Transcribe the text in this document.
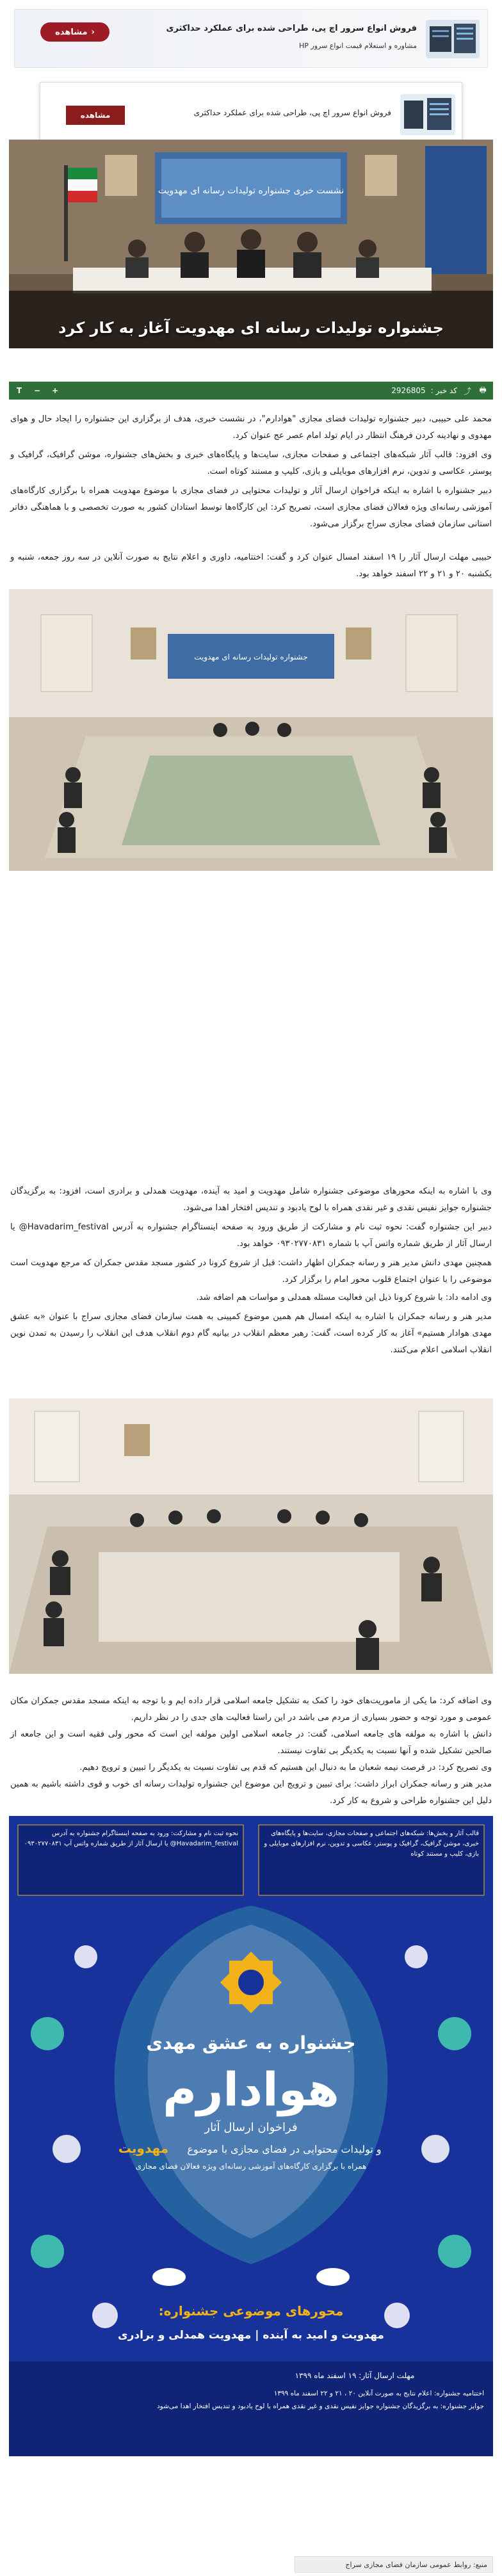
‹
مشاهده	فروش انواع سرور اچ پی، طراحی شده برای عملکرد حداکثری
مشاوره و استعلام قیمت انواع سرور HP
مشاهده	فروش انواع سرور اچ پی، طراحی شده برای عملکرد حداکثری
نشست خبری جشنواره تولیدات رسانه ای مهدویت
جشنواره تولیدات رسانه ای مهدویت آغاز به کار کرد
🖶
⤴
کد خبر :
2926805
+
−
T
محمد علی حبیبی، دبیر جشنواره تولیدات فضای مجازی "هوادارم"، در نشست خبری، هدف از برگزاری این جشنواره را ایجاد حال و هوای مهدوی و نهادینه کردن فرهنگ انتظار در ایام تولد امام عصر عج عنوان کرد.
وی افزود: قالب آثار شبکه‌های اجتماعی و صفحات مجازی، سایت‌ها و پایگاه‌های خبری و بخش‌های جشنواره، موشن گرافیک، گرافیک و پوستر، عکاسی و تدوین، نرم افزارهای موبایلی و بازی، کلیپ و مستند کوتاه است.
دبیر جشنواره با اشاره به اینکه فراخوان ارسال آثار و تولیدات محتوایی در فضای مجازی با موضوع مهدویت همراه با برگزاری کارگاه‌های آموزشی رسانه‌ای ویژه فعالان فضای مجازی است، تصریح کرد: این کارگاه‌ها توسط استادان کشور به صورت تخصصی و با هماهنگی دفاتر استانی سازمان فضای مجازی سراج برگزار می‌شود.
حبیبی مهلت ارسال آثار را ۱۹ اسفند امسال عنوان کرد و گفت: اختتامیه، داوری و اعلام نتایج به صورت آنلاین در سه روز جمعه، شنبه و یکشنبه ۲۰ و ۲۱ و ۲۲ اسفند خواهد بود.
جشنواره تولیدات رسانه ای مهدویت
وی با اشاره به اینکه محورهای موضوعی جشنواره شامل مهدویت و امید به آینده، مهدویت همدلی و برادری است، افزود: به برگزیدگان جشنواره جوایز نفیس نقدی و غیر نقدی همراه با لوح یادبود و تندیس افتخار اهدا می‌شود.
دبیر این جشنواره گفت: نحوه ثبت نام و مشارکت از طریق ورود به صفحه اینستاگرام جشنواره به آدرس Havadarim_festival@ یا ارسال آثار از طریق شماره واتس آپ با شماره ۰۹۳۰۲۷۷۰۸۳۱ خواهد بود.
همچنین مهدی دانش مدیر هنر و رسانه جمکران اظهار داشت: قبل از شروع کرونا در کشور مسجد مقدس جمکران که مرجع مهدویت است موضوعی را با عنوان اجتماع قلوب محور امام را برگزار کرد.
وی ادامه داد: با شروع کرونا ذیل این فعالیت مسئله همدلی و مواسات هم اضافه شد.
مدیر هنر و رسانه جمکران با اشاره به اینکه امسال هم همین موضوع کمپینی به همت سازمان فضای مجازی سراج با عنوان «به عشق مهدی هوادار هستیم» آغاز به کار کرده است، گفت: رهبر معظم انقلاب در بیانیه گام دوم انقلاب هدف این انقلاب را رسیدن به تمدن نوین انقلاب اسلامی اعلام می‌کنند.
وی اضافه کرد: ما یکی از ماموریت‌های خود را کمک به تشکیل جامعه اسلامی قرار داده ایم و با توجه به اینکه مسجد مقدس جمکران مکان عمومی و مورد توجه و حضور بسیاری از مردم می باشد در این راستا فعالیت های جدی را در نظر داریم.
دانش با اشاره به مولفه های جامعه اسلامی، گفت: در جامعه اسلامی اولین مولفه این است که محور ولی فقیه است و این جامعه از صالحین تشکیل شده و آنها نسبت به یکدیگر بی تفاوت نیستند.
وی تصریح کرد: در فرصت نیمه شعبان ما به دنبال این هستیم که قدم بی تفاوت نسبت به یکدیگر را تبیین و ترویج دهیم.
مدیر هنر و رسانه جمکران ابراز داشت: برای تبیین و ترویج این موضوع این جشنواره تولیدات رسانه ای خوب و قوی داشته باشیم به همین دلیل این جشنواره طراحی و شروع به کار کرد.
قالب آثار و بخش‌ها: شبکه‌های اجتماعی و صفحات مجازی، سایت‌ها و پایگاه‌های خبری، موشن گرافیک، گرافیک و پوستر، عکاسی و تدوین، نرم افزارهای موبایلی و بازی، کلیپ و مستند کوتاه
نحوه ثبت نام و مشارکت: ورود به صفحه اینستاگرام جشنواره به آدرس Havadarim_festival@ یا ارسال آثار از طریق شماره واتس آپ ۰۹۳۰۲۷۷۰۸۳۱
جشنواره به عشق مهدی
هوادارم
فراخوان ارسال آثار
و تولیدات محتوایی در فضای مجازی با موضوع
مهدویت
همراه با برگزاری کارگاه‌های آموزشی رسانه‌ای ویژه فعالان فضای مجازی
محورهای موضوعی جشنواره:
مهدویت و امید به آینده | مهدویت همدلی و برادری
مهلت ارسال آثار: ۱۹ اسفند ماه ۱۳۹۹
اختتامیه جشنواره: اعلام نتایج به صورت آنلاین ۲۰ ، ۲۱ و ۲۲ اسفند ماه ۱۳۹۹
جوایز جشنواره: به برگزیدگان جشنواره جوایز نفیس نقدی و غیر نقدی همراه با لوح یادبود و تندیس افتخار اهدا می‌شود
منبع: روابط عمومی سازمان فضای مجازی سراج
